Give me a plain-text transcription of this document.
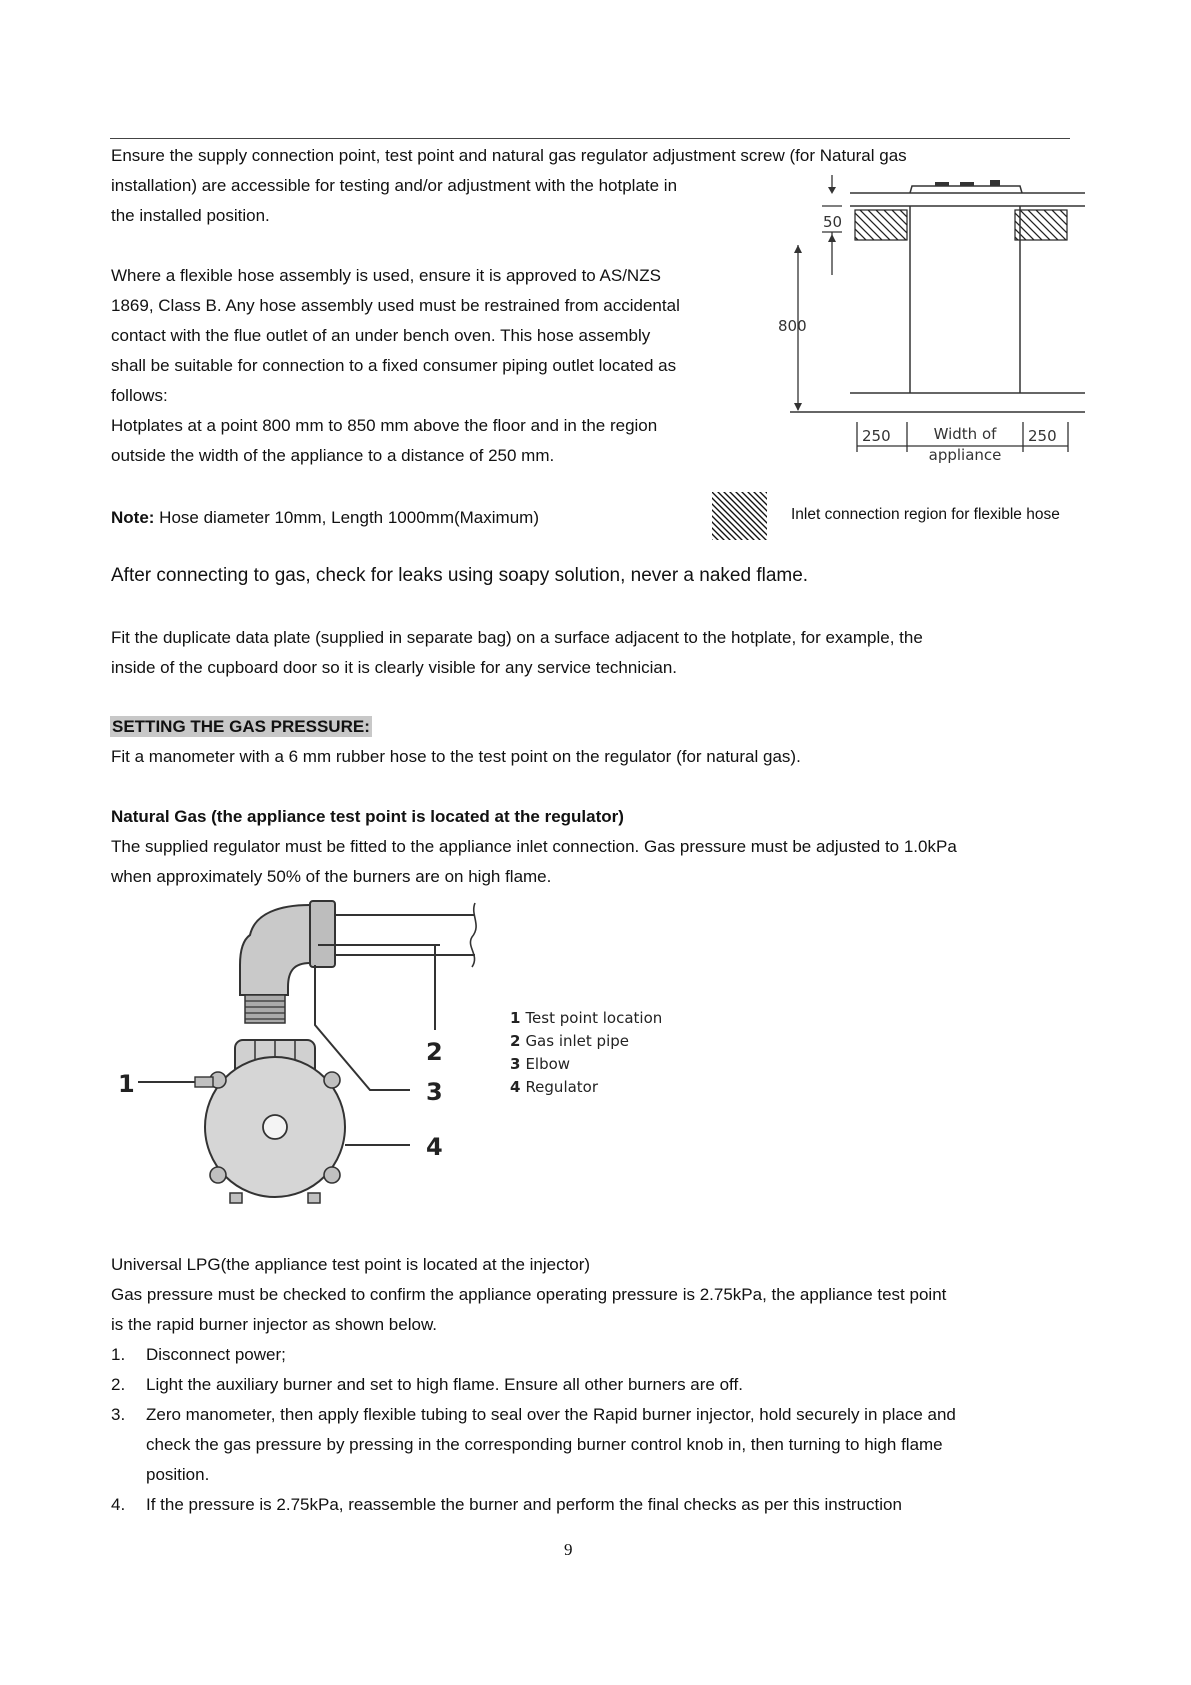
Ensure the supply connection point, test point and natural gas regulator adjustment screw (for Natural gas

installation) are accessible for testing and/or adjustment with the hotplate in

the installed position.

Where a flexible hose assembly is used, ensure it is approved to AS/NZS

1869, Class B. Any hose assembly used must be restrained from accidental

contact with the flue outlet of an under bench oven. This hose assembly

shall be suitable for connection to a fixed consumer piping outlet located as

follows:

Hotplates at a point 800 mm to 850 mm above the floor and in the region

outside the width of the appliance to a distance of 250 mm.

50
800
250	250
Width of
appliance

Note: Hose diameter 10mm, Length 1000mm(Maximum)	Inlet connection region for flexible hose

After connecting to gas, check for leaks using soapy solution, never a naked flame.

Fit the duplicate data plate (supplied in separate bag) on a surface adjacent to the hotplate, for example, the

inside of the cupboard door so it is clearly visible for any service technician.

SETTING THE GAS PRESSURE:

Fit a manometer with a 6 mm rubber hose to the test point on the regulator (for natural gas).

Natural Gas (the appliance test point is located at the regulator)

The supplied regulator must be fitted to the appliance inlet connection. Gas pressure must be adjusted to 1.0kPa

when approximately 50% of the burners are on high flame.

1
2
3
4
1 Test point location
2 Gas inlet pipe
3 Elbow
4 Regulator

Universal LPG(the appliance test point is located at the injector)

Gas pressure must be checked to confirm the appliance operating pressure is 2.75kPa, the appliance test point

is the rapid burner injector as shown below.

1. Disconnect power;
2. Light the auxiliary burner and set to high flame. Ensure all other burners are off.
3. Zero manometer, then apply flexible tubing to seal over the Rapid burner injector, hold securely in place and
check the gas pressure by pressing in the corresponding burner control knob in, then turning to high flame
position.
4. If the pressure is 2.75kPa, reassemble the burner and perform the final checks as per this instruction
9
